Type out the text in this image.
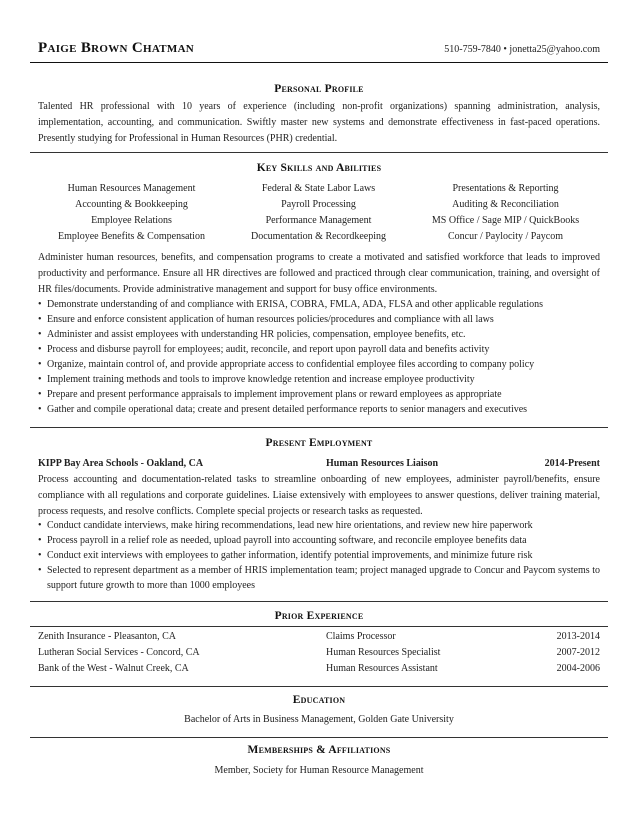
Paige Brown Chatman	510-759-7840 • jonetta25@yahoo.com
Personal Profile
Talented HR professional with 10 years of experience (including non-profit organizations) spanning administration, analysis, implementation, accounting, and communication. Swiftly master new systems and demonstrate effectiveness in fast-paced operations. Presently studying for Professional in Human Resources (PHR) credential.
Key Skills and Abilities
Human Resources Management	Federal & State Labor Laws	Presentations & Reporting
Accounting & Bookkeeping	Payroll Processing	Auditing & Reconciliation
Employee Relations	Performance Management	MS Office / Sage MIP / QuickBooks
Employee Benefits & Compensation	Documentation & Recordkeeping	Concur / Paylocity / Paycom
Administer human resources, benefits, and compensation programs to create a motivated and satisfied workforce that leads to improved productivity and performance. Ensure all HR directives are followed and practiced through clear communication, training, and oversight of HR files/documents. Provide administrative management and support for busy office environments.
• Demonstrate understanding of and compliance with ERISA, COBRA, FMLA, ADA, FLSA and other applicable regulations
• Ensure and enforce consistent application of human resources policies/procedures and compliance with all laws
• Administer and assist employees with understanding HR policies, compensation, employee benefits, etc.
• Process and disburse payroll for employees; audit, reconcile, and report upon payroll data and benefits activity
• Organize, maintain control of, and provide appropriate access to confidential employee files according to company policy
• Implement training methods and tools to improve knowledge retention and increase employee productivity
• Prepare and present performance appraisals to implement improvement plans or reward employees as appropriate
• Gather and compile operational data; create and present detailed performance reports to senior managers and executives
Present Employment
KIPP Bay Area Schools - Oakland, CA	Human Resources Liaison	2014-Present
Process accounting and documentation-related tasks to streamline onboarding of new employees, administer payroll/benefits, ensure compliance with all regulations and corporate guidelines. Liaise extensively with employees to answer questions, deliver training material, process requests, and resolve conflicts. Complete special projects or research tasks as requested.
• Conduct candidate interviews, make hiring recommendations, lead new hire orientations, and review new hire paperwork
• Process payroll in a relief role as needed, upload payroll into accounting software, and reconcile employee benefits data
• Conduct exit interviews with employees to gather information, identify potential improvements, and minimize future risk
• Selected to represent department as a member of HRIS implementation team; project managed upgrade to Concur and Paycom systems to support future growth to more than 1000 employees
Prior Experience
Zenith Insurance - Pleasanton, CA	Claims Processor	2013-2014
Lutheran Social Services - Concord, CA	Human Resources Specialist	2007-2012
Bank of the West - Walnut Creek, CA	Human Resources Assistant	2004-2006
Education
Bachelor of Arts in Business Management, Golden Gate University
Memberships & Affiliations
Member, Society for Human Resource Management
